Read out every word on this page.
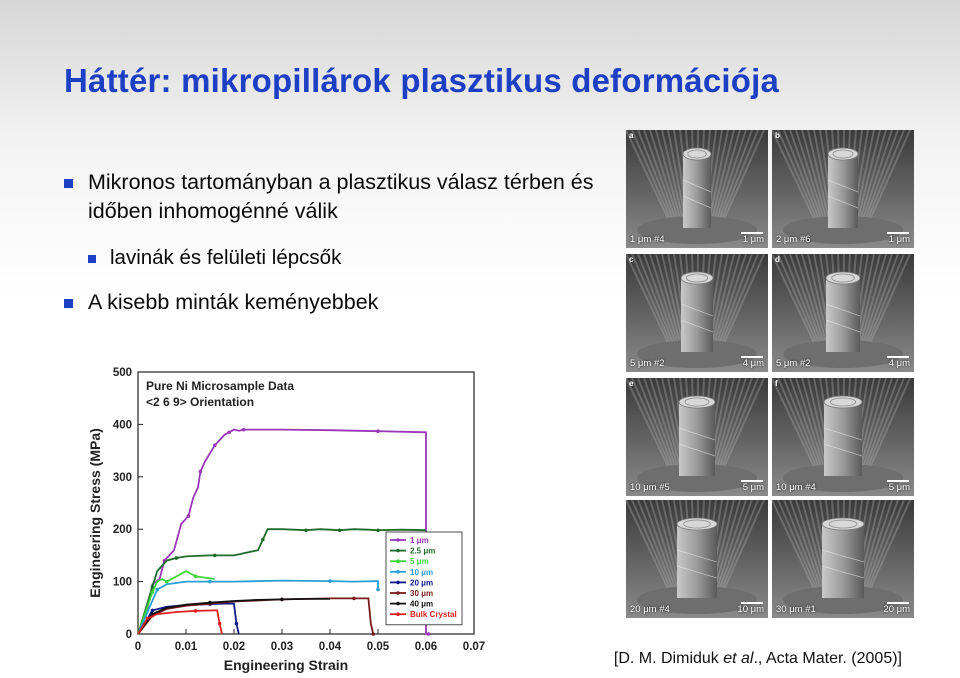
Háttér: mikropillárok plasztikus deformációja
Mikronos tartományban a plasztikus válasz térben és időben inhomogénné válik
lavinák és felületi lépcsők
A kisebb minták keményebbek
0	0.01 0.02 0.03 0.04 0.05 0.06 0.07
0
100
200
300
400
500
Engineering Strain
Engineering Stress (MPa)
Pure Ni Microsample Data
<2 6 9> Orientation
1 μm
2.5 μm
5 μm
10 μm
20 μm
30 μm
40 μm
Bulk Crystal
a
1 μm #4	1 μm
b
2 μm #6	1 μm
c
5 μm #2	4 μm
d
5 μm #2	4 μm
e
10 μm #5	5 μm
f
10 μm #4	5 μm
20 μm #4	10 μm 30 μm #1	20 μm
[D. M. Dimiduk et al., Acta Mater. (2005)]
